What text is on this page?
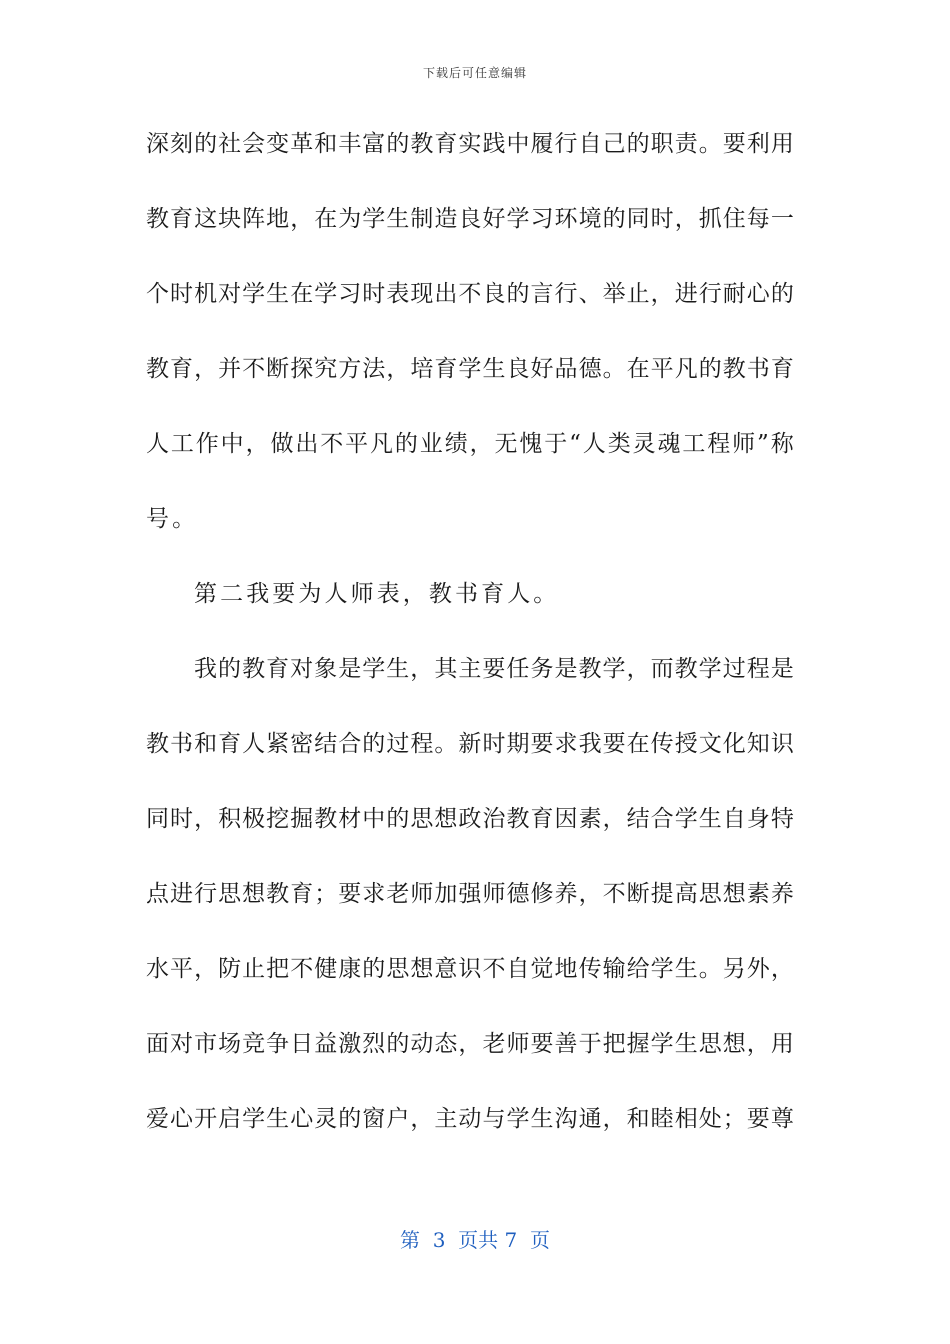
下载后可任意编辑
深 刻 的 社 会 变 革 和 丰 富 的 教 育 实 践 中 履 行 自 己 的 职 责 。 要 利 用
教 育 这 块 阵 地 ， 在 为 学 生 制 造 良 好 学 习 环 境 的 同 时 ， 抓 住 每 一
个 时 机 对 学 生 在 学 习 时 表 现 出 不 良 的 言 行 、 举 止 ， 进 行 耐 心 的
教 育 ， 并 不 断 探 究 方 法 ， 培 育 学 生 良 好 品 德 。 在 平 凡 的 教 书 育
人 工 作 中 ， 做 出 不 平 凡 的 业 绩 ， 无 愧 于 “ 人 类 灵 魂 工 程 师 ” 称
号。
第二我要为人师表，教书育人。
我 的 教 育 对 象 是 学 生 ， 其 主 要 任 务 是 教 学 ， 而 教 学 过 程 是
教 书 和 育 人 紧 密 结 合 的 过 程 。 新 时 期 要 求 我 要 在 传 授 文 化 知 识
同 时 ， 积 极 挖 掘 教 材 中 的 思 想 政 治 教 育 因 素 ， 结 合 学 生 自 身 特
点 进 行 思 想 教 育 ； 要 求 老 师 加 强 师 德 修 养 ， 不 断 提 高 思 想 素 养
水 平 ， 防 止 把 不 健 康 的 思 想 意 识 不 自 觉 地 传 输 给 学 生 。 另 外 ，
面 对 市 场 竞 争 日 益 激 烈 的 动 态 ， 老 师 要 善 于 把 握 学 生 思 想 ， 用
爱 心 开 启 学 生 心 灵 的 窗 户 ， 主 动 与 学 生 沟 通 ， 和 睦 相 处 ； 要 尊
第  3  页共 7  页
